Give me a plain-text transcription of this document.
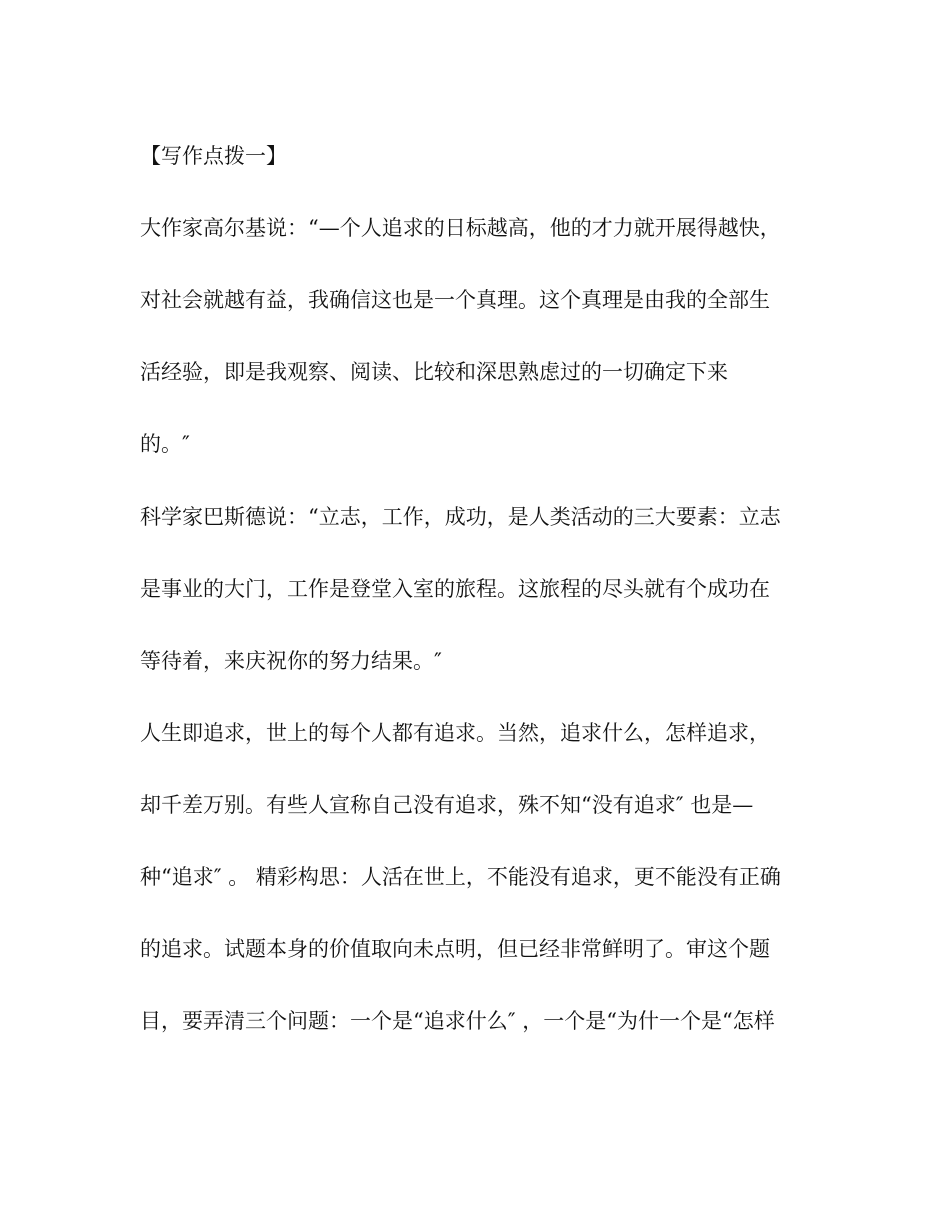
【写作点拨一】
大作家高尔基说：“—个人追求的日标越高，他的才力就开展得越快，
对社会就越有益，我确信这也是一个真理。这个真理是由我的全部生
活经验，即是我观察、阅读、比较和深思熟虑过的一切确定下来
的。″
科学家巴斯德说：“立志，工作，成功，是人类活动的三大要素：立志
是事业的大门，工作是登堂入室的旅程。这旅程的尽头就有个成功在
等待着，来庆祝你的努力结果。″
人生即追求，世上的每个人都有追求。当然，追求什么，怎样追求，
却千差万别。有些人宣称自己没有追求，殊不知“没有追求″ 也是—
种“追求″ 。 精彩构思：人活在世上，不能没有追求，更不能没有正确
的追求。试题本身的价值取向未点明，但已经非常鲜明了。审这个题
目，要弄清三个问题：一个是“追求什么″ ，一个是“为什一个是“怎样
